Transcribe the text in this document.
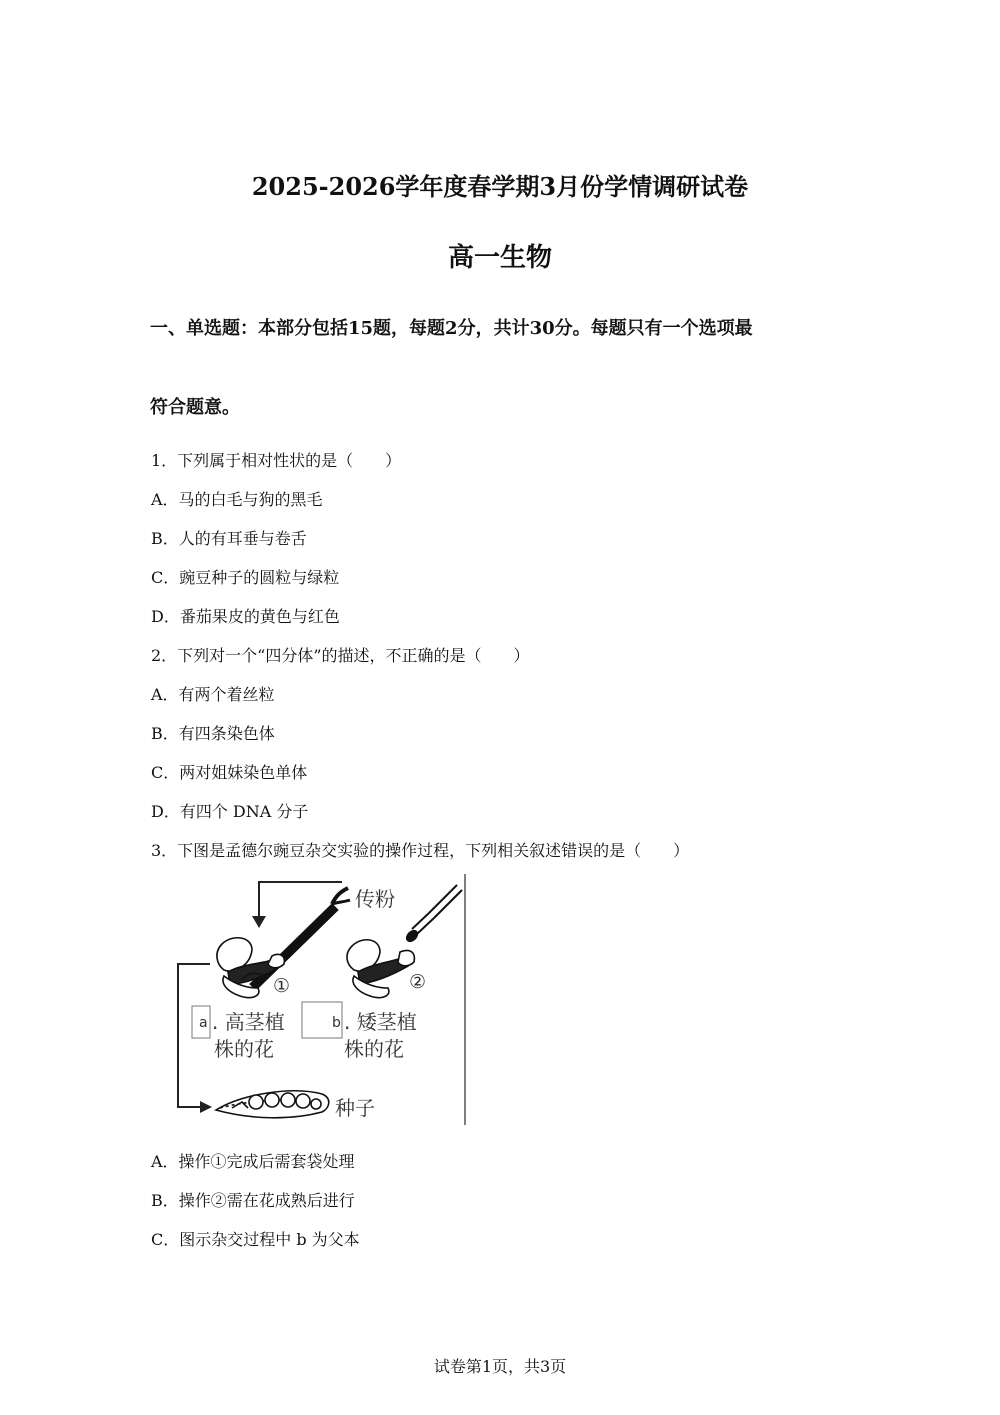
2025-2026学年度春学期3月份学情调研试卷
高一生物
一、单选题：本部分包括15题，每题2分，共计30分。每题只有一个选项最
符合题意。
1．下列属于相对性状的是（　　）
A．马的白毛与狗的黑毛
B．人的有耳垂与卷舌
C．豌豆种子的圆粒与绿粒
D．番茄果皮的黄色与红色
2．下列对一个“四分体”的描述，不正确的是（　　）
A．有两个着丝粒
B．有四条染色体
C．两对姐妹染色单体
D．有四个 DNA 分子
3．下图是孟德尔豌豆杂交实验的操作过程，下列相关叙述错误的是（　　）
传粉
①	②
a . 高茎植
株的花
b . 矮茎植
株的花
种子
A．操作①完成后需套袋处理
B．操作②需在花成熟后进行
C．图示杂交过程中 b 为父本
试卷第1页，共3页
